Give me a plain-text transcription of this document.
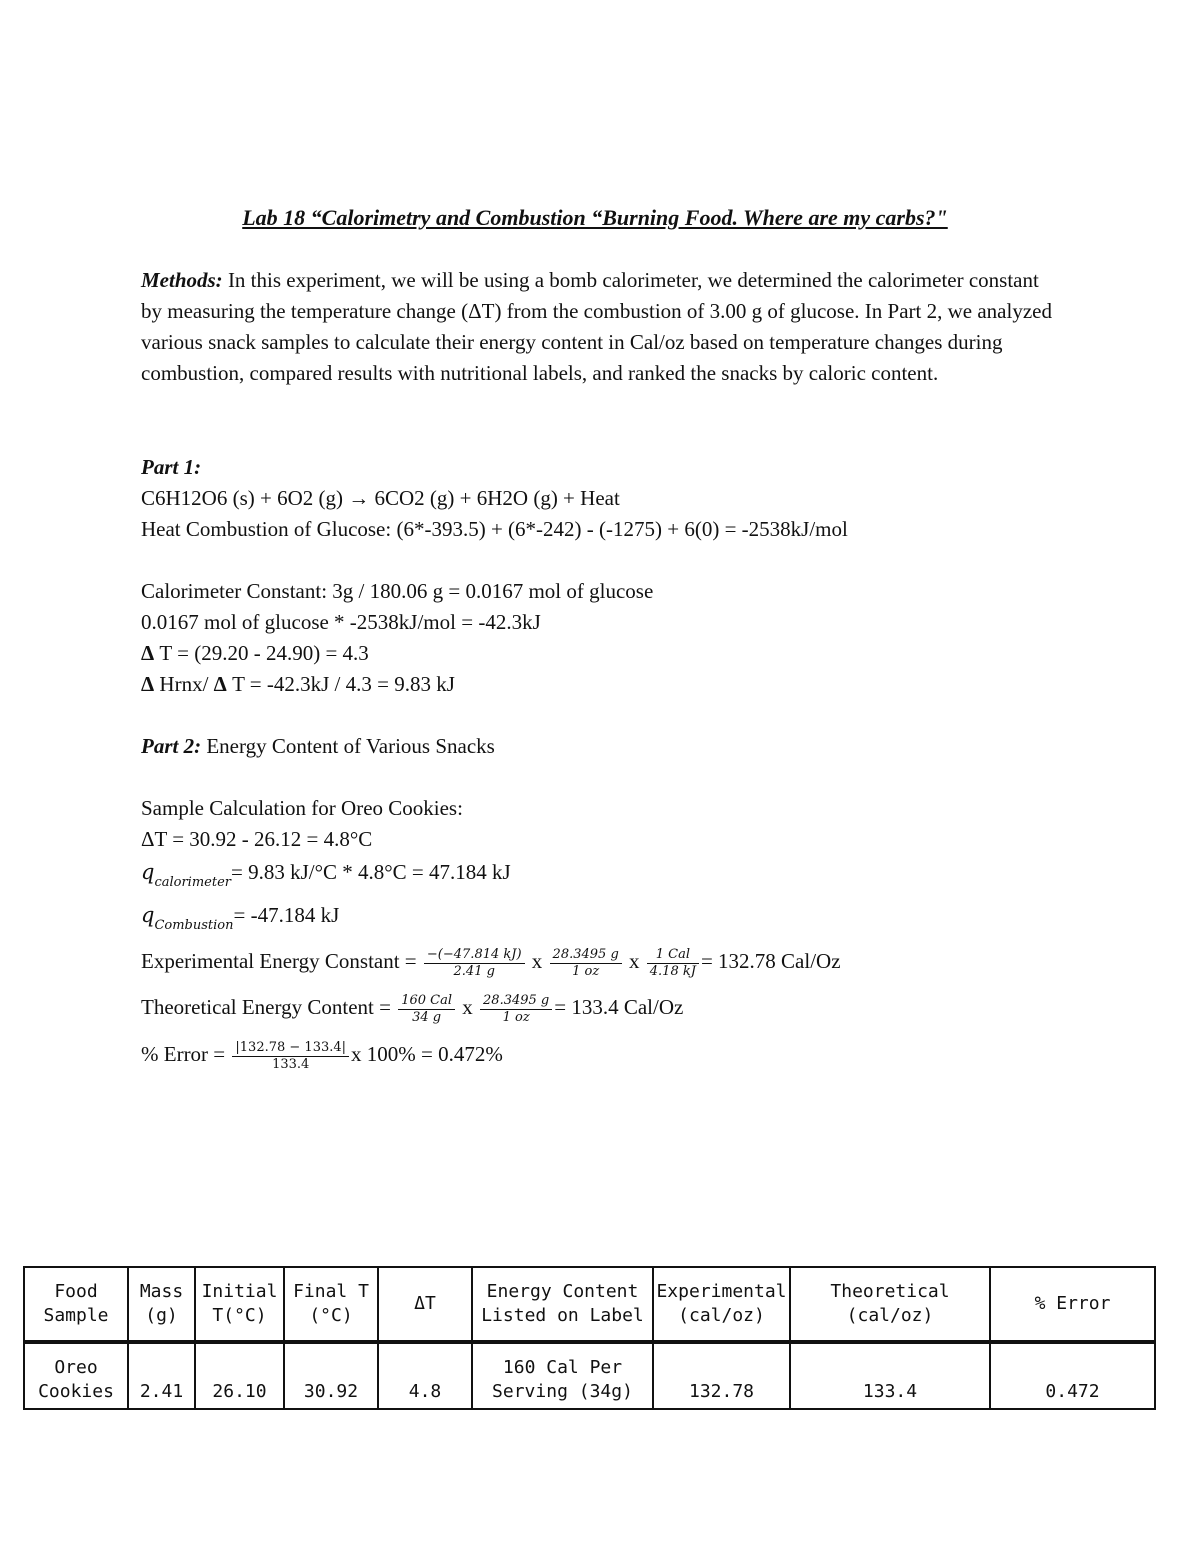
Lab 18 “Calorimetry and Combustion “Burning Food. Where are my carbs?"
Methods: In this experiment, we will be using a bomb calorimeter, we determined the calorimeter constant by measuring the temperature change (ΔT) from the combustion of 3.00 g of glucose. In Part 2, we analyzed various snack samples to calculate their energy content in Cal/oz based on temperature changes during combustion, compared results with nutritional labels, and ranked the snacks by caloric content.
Part 1:
C6H12O6 (s) + 6O2 (g) → 6CO2 (g) + 6H2O (g) + Heat
Heat Combustion of Glucose: (6*-393.5) + (6*-242) - (-1275) + 6(0) = -2538kJ/mol
Calorimeter Constant: 3g / 180.06 g = 0.0167 mol of glucose
0.0167 mol of glucose * -2538kJ/mol = -42.3kJ
Δ T = (29.20 - 24.90) = 4.3
Δ Hrnx/ Δ T = -42.3kJ / 4.3 = 9.83 kJ
Part 2: Energy Content of Various Snacks
Sample Calculation for Oreo Cookies:
ΔT = 30.92 - 26.12 = 4.8°C
$q_{calorimeter}= 9.83$ kJ/°C * 4.8°C = 47.184 kJ
$q_{Combustion}= -47.184$ kJ
Experimental Energy Constant = $\frac{-(-47.814 kJ)}{2.41 g}$ x $\frac{28.3495 g}{1 oz}$ x $\frac{\text{1 Cal}}{4.18 kJ} = 132.78$ Cal/Oz
Theoretical Energy Content = $\frac{\text{160 Cal}}{34 g}$ x $\frac{28.3495 g}{1 oz} = 133.4$ Cal/Oz
% Error = $\frac{|132.78 - 133.4|}{133.4}$ x 100% = 0.472%
Food Sample	Mass (g)	Initial T(°C)	Final T (°C)	ΔT	Energy Content Listed on Label	Experimental (cal/oz)	Theoretical (cal/oz)	% Error
Oreo Cookies	2.41	26.10	30.92	4.8	160 Cal Per Serving (34g)	132.78	133.4	0.472
